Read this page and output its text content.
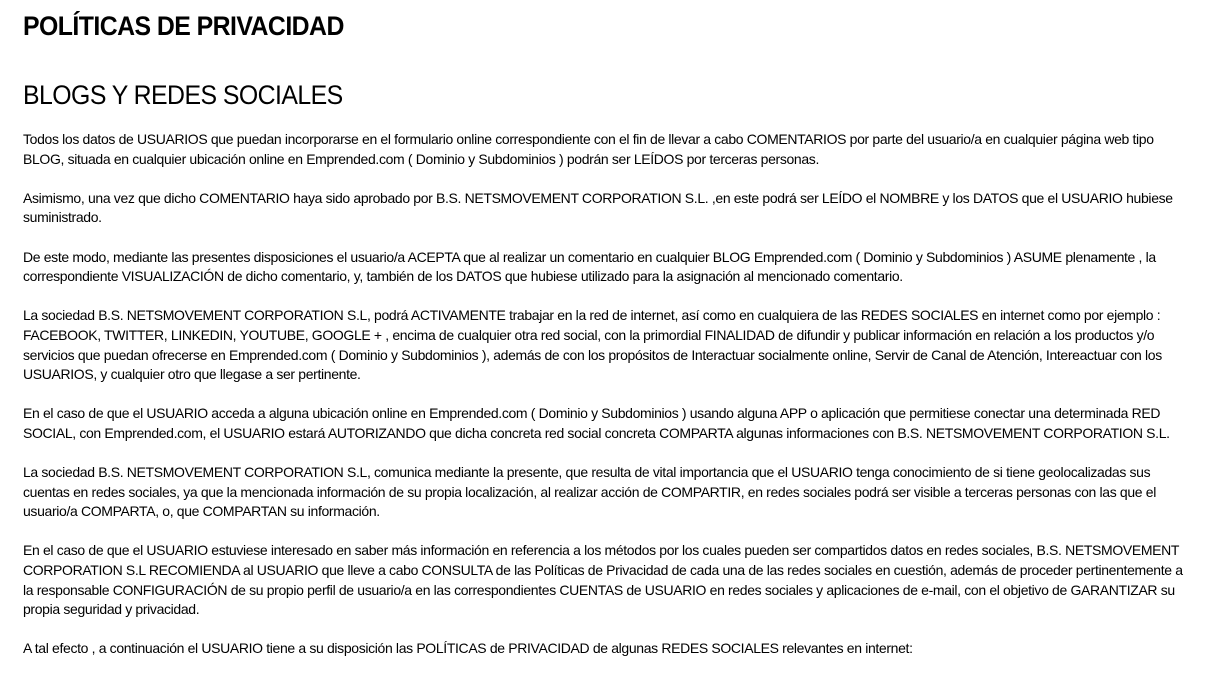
POLÍTICAS DE PRIVACIDAD
BLOGS Y REDES SOCIALES

Todos los datos de USUARIOS que puedan incorporarse en el formulario online correspondiente con el fin de llevar a cabo COMENTARIOS por parte del usuario/a en cualquier página web tipo BLOG, situada en cualquier ubicación online en Emprended.com ( Dominio y Subdominios ) podrán ser LEÍDOS por terceras personas.

Asimismo, una vez que dicho COMENTARIO haya sido aprobado por B.S. NETSMOVEMENT CORPORATION S.L. ,en este podrá ser LEÍDO el NOMBRE y los DATOS que el USUARIO hubiese suministrado.

De este modo, mediante las presentes disposiciones el usuario/a ACEPTA que al realizar un comentario en cualquier BLOG Emprended.com ( Dominio y Subdominios ) ASUME plenamente , la correspondiente VISUALIZACIÓN de dicho comentario, y, también de los DATOS que hubiese utilizado para la asignación al mencionado comentario.

La sociedad B.S. NETSMOVEMENT CORPORATION S.L, podrá ACTIVAMENTE trabajar en la red de internet, así como en cualquiera de las REDES SOCIALES en internet como por ejemplo : FACEBOOK, TWITTER, LINKEDIN, YOUTUBE, GOOGLE + , encima de cualquier otra red social, con la primordial FINALIDAD de difundir y publicar información en relación a los productos y/o servicios que puedan ofrecerse en Emprended.com ( Dominio y Subdominios ), además de con los propósitos de Interactuar socialmente online, Servir de Canal de Atención, Intereactuar con los USUARIOS, y cualquier otro que llegase a ser pertinente.

En el caso de que el USUARIO acceda a alguna ubicación online en Emprended.com ( Dominio y Subdominios ) usando alguna APP o aplicación que permitiese conectar una determinada RED SOCIAL, con Emprended.com, el USUARIO estará AUTORIZANDO que dicha concreta red social concreta COMPARTA algunas informaciones con B.S. NETSMOVEMENT CORPORATION S.L.

La sociedad B.S. NETSMOVEMENT CORPORATION S.L, comunica mediante la presente, que resulta de vital importancia que el USUARIO tenga conocimiento de si tiene geolocalizadas sus cuentas en redes sociales, ya que la mencionada información de su propia localización, al realizar acción de COMPARTIR, en redes sociales podrá ser visible a terceras personas con las que el usuario/a COMPARTA, o, que COMPARTAN su información.

En el caso de que el USUARIO estuviese interesado en saber más información en referencia a los métodos por los cuales pueden ser compartidos datos en redes sociales, B.S. NETSMOVEMENT CORPORATION S.L RECOMIENDA al USUARIO que lleve a cabo CONSULTA de las Políticas de Privacidad de cada una de las redes sociales en cuestión, además de proceder pertinentemente a la responsable CONFIGURACIÓN de su propio perfil de usuario/a en las correspondientes CUENTAS de USUARIO en redes sociales y aplicaciones de e-mail, con el objetivo de GARANTIZAR su propia seguridad y privacidad.

A tal efecto , a continuación el USUARIO tiene a su disposición las POLÍTICAS de PRIVACIDAD de algunas REDES SOCIALES relevantes en internet:
